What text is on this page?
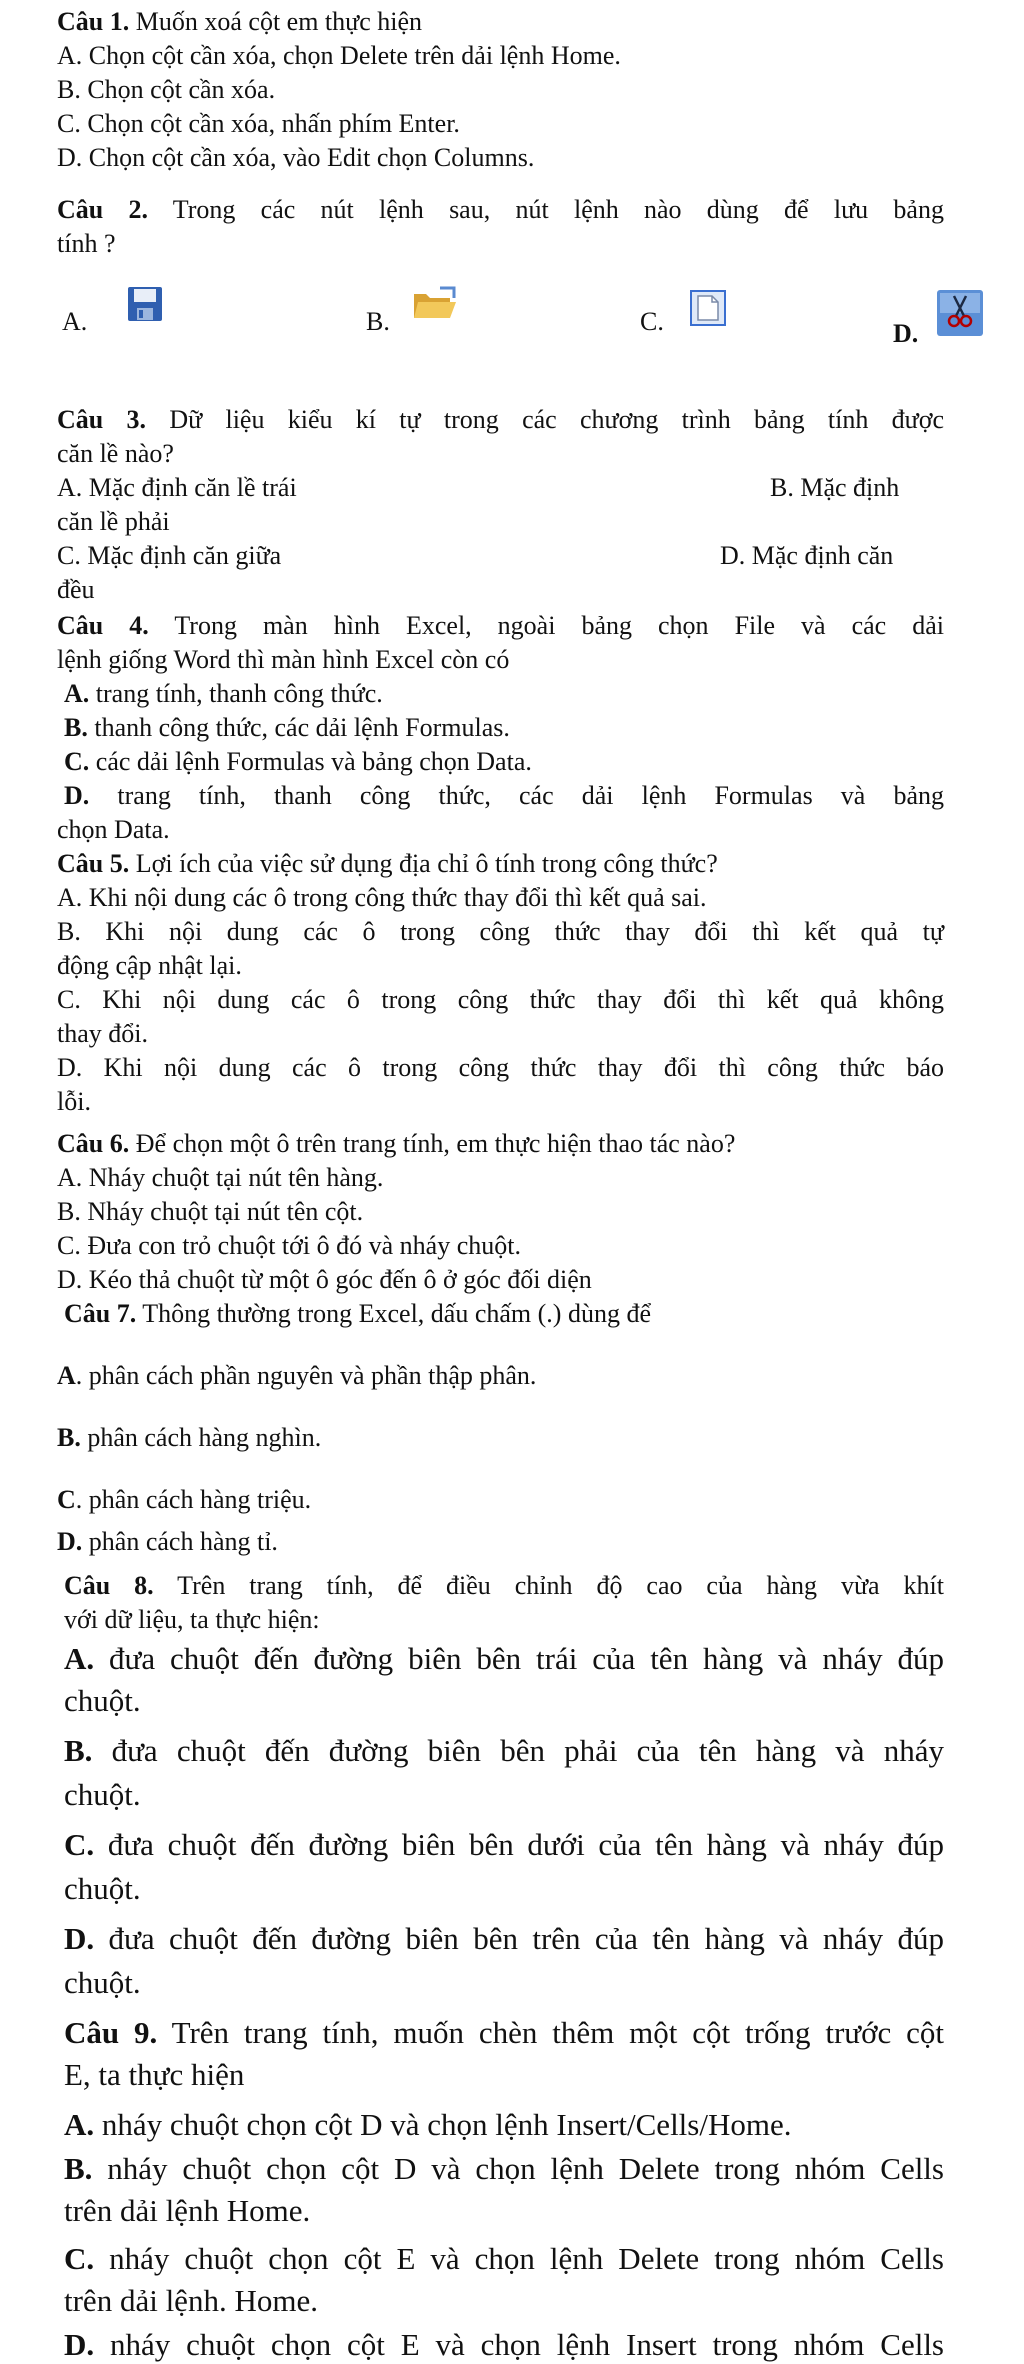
Câu 1. Muốn xoá cột em thực hiện
A. Chọn cột cần xóa, chọn Delete trên dải lệnh Home.
B. Chọn cột cần xóa.
C. Chọn cột cần xóa, nhấn phím Enter.
D. Chọn cột cần xóa, vào Edit chọn Columns.
Câu 2. Trong các nút lệnh sau, nút lệnh nào dùng để lưu bảng
tính ?
A.	B.	C.	D.
Câu 3. Dữ liệu kiểu kí tự trong các chương trình bảng tính được
căn lề nào?
A. Mặc định căn lề trái	B. Mặc định
căn lề phải
C. Mặc định căn giữa	D. Mặc định căn
đều
Câu 4. Trong màn hình Excel, ngoài bảng chọn File và các dải
lệnh giống Word thì màn hình Excel còn có
A. trang tính, thanh công thức.
B. thanh công thức, các dải lệnh Formulas.
C. các dải lệnh Formulas và bảng chọn Data.
D. trang tính, thanh công thức, các dải lệnh Formulas và bảng
chọn Data.
Câu 5. Lợi ích của việc sử dụng địa chỉ ô tính trong công thức?
A. Khi nội dung các ô trong công thức thay đổi thì kết quả sai.
B. Khi nội dung các ô trong công thức thay đổi thì kết quả tự
động cập nhật lại.
C. Khi nội dung các ô trong công thức thay đổi thì kết quả không
thay đổi.
D. Khi nội dung các ô trong công thức thay đổi thì công thức báo
lỗi.
Câu 6. Để chọn một ô trên trang tính, em thực hiện thao tác nào?
A. Nháy chuột tại nút tên hàng.
B. Nháy chuột tại nút tên cột.
C. Đưa con trỏ chuột tới ô đó và nháy chuột.
D. Kéo thả chuột từ một ô góc đến ô ở góc đối diện
Câu 7. Thông thường trong Excel, dấu chấm (.) dùng để
A. phân cách phần nguyên và phần thập phân.
B. phân cách hàng nghìn.
C. phân cách hàng triệu.
D. phân cách hàng tỉ.
Câu 8. Trên trang tính, để điều chỉnh độ cao của hàng vừa khít
với dữ liệu, ta thực hiện:
A. đưa chuột đến đường biên bên trái của tên hàng và nháy đúp
chuột.
B. đưa chuột đến đường biên bên phải của tên hàng và nháy
chuột.
C. đưa chuột đến đường biên bên dưới của tên hàng và nháy đúp
chuột.
D. đưa chuột đến đường biên bên trên của tên hàng và nháy đúp
chuột.
Câu 9. Trên trang tính, muốn chèn thêm một cột trống trước cột
E, ta thực hiện
A. nháy chuột chọn cột D và chọn lệnh Insert/Cells/Home.
B. nháy chuột chọn cột D và chọn lệnh Delete trong nhóm Cells
trên dải lệnh Home.
C. nháy chuột chọn cột E và chọn lệnh Delete trong nhóm Cells
trên dải lệnh. Home.
D. nháy chuột chọn cột E và chọn lệnh Insert trong nhóm Cells
